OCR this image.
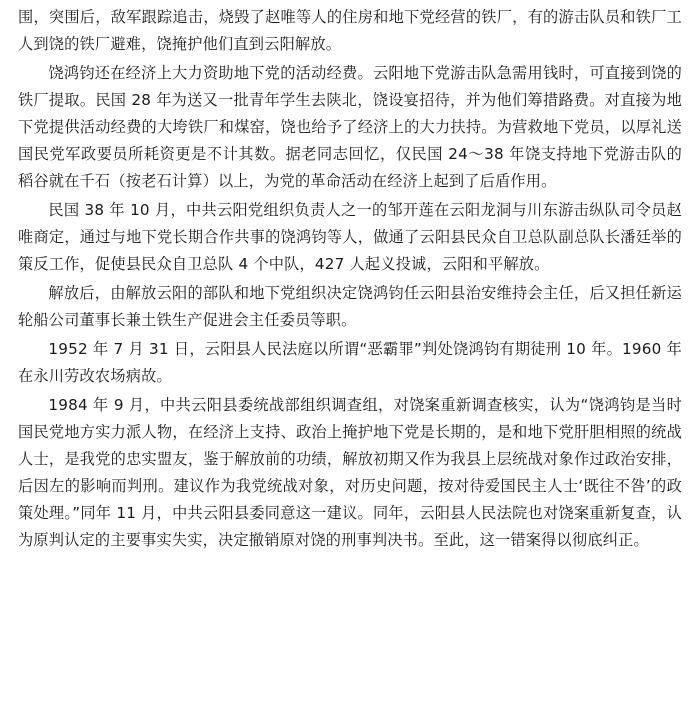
围，突围后，敌军跟踪追击，烧毁了赵唯等人的住房和地下党经营的铁厂，有的游击队员和铁厂工人到饶的铁厂避难，饶掩护他们直到云阳解放。

饶鸿钧还在经济上大力资助地下党的活动经费。云阳地下党游击队急需用钱时，可直接到饶的铁厂提取。民国 28 年为送又一批青年学生去陕北，饶设宴招待，并为他们筹措路费。对直接为地下党提供活动经费的大垮铁厂和煤窑，饶也给予了经济上的大力扶持。为营救地下党员，以厚礼送国民党军政要员所耗资更是不计其数。据老同志回忆，仅民国 24～38 年饶支持地下党游击队的稻谷就在千石（按老石计算）以上，为党的革命活动在经济上起到了后盾作用。

民国 38 年 10 月，中共云阳党组织负责人之一的邹开莲在云阳龙洞与川东游击纵队司令员赵唯商定，通过与地下党长期合作共事的饶鸿钧等人，做通了云阳县民众自卫总队副总队长潘廷举的策反工作，促使县民众自卫总队 4 个中队，427 人起义投诚，云阳和平解放。

解放后，由解放云阳的部队和地下党组织决定饶鸿钧任云阳县治安维持会主任，后又担任新运轮船公司董事长兼土铁生产促进会主任委员等职。

1952 年 7 月 31 日，云阳县人民法庭以所谓“恶霸罪”判处饶鸿钧有期徒刑 10 年。1960 年在永川劳改农场病故。

1984 年 9 月，中共云阳县委统战部组织调查组，对饶案重新调查核实，认为“饶鸿钧是当时国民党地方实力派人物，在经济上支持、政治上掩护地下党是长期的，是和地下党肝胆相照的统战人士，是我党的忠实盟友，鉴于解放前的功绩，解放初期又作为我县上层统战对象作过政治安排，后因左的影响而判刑。建议作为我党统战对象，对历史问题，按对待爱国民主人士‘既往不咎’的政策处理。”同年 11 月，中共云阳县委同意这一建议。同年，云阳县人民法院也对饶案重新复查，认为原判认定的主要事实失实，决定撤销原对饶的刑事判决书。至此，这一错案得以彻底纠正。
